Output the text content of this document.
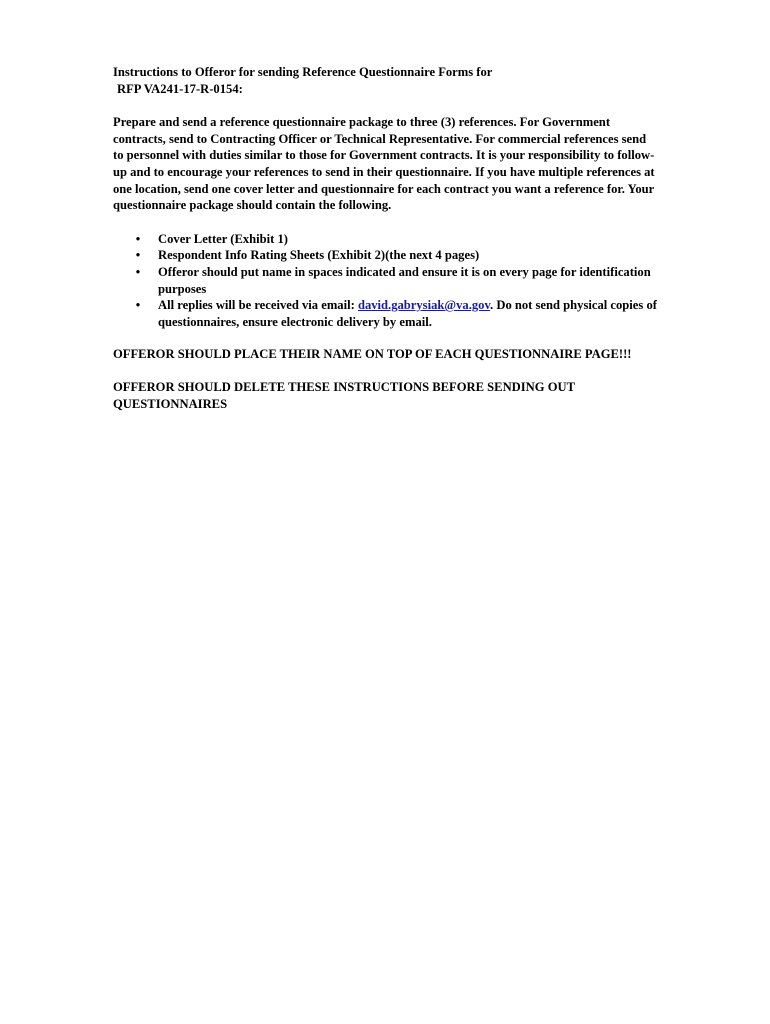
Instructions to Offeror for sending Reference Questionnaire Forms for

RFP VA241-17-R-0154:

Prepare and send a reference questionnaire package to three (3) references. For Government contracts, send to Contracting Officer or Technical Representative. For commercial references send to personnel with duties similar to those for Government contracts. It is your responsibility to follow-up and to encourage your references to send in their questionnaire. If you have multiple references at one location, send one cover letter and questionnaire for each contract you want a reference for. Your questionnaire package should contain the following.

• Cover Letter (Exhibit 1)
• Respondent Info Rating Sheets (Exhibit 2)(the next 4 pages)
• Offeror should put name in spaces indicated and ensure it is on every page for identification purposes
• All replies will be received via email: david.gabrysiak@va.gov. Do not send physical copies of questionnaires, ensure electronic delivery by email.

OFFEROR SHOULD PLACE THEIR NAME ON TOP OF EACH QUESTIONNAIRE PAGE!!!

OFFEROR SHOULD DELETE THESE INSTRUCTIONS BEFORE SENDING OUT QUESTIONNAIRES
